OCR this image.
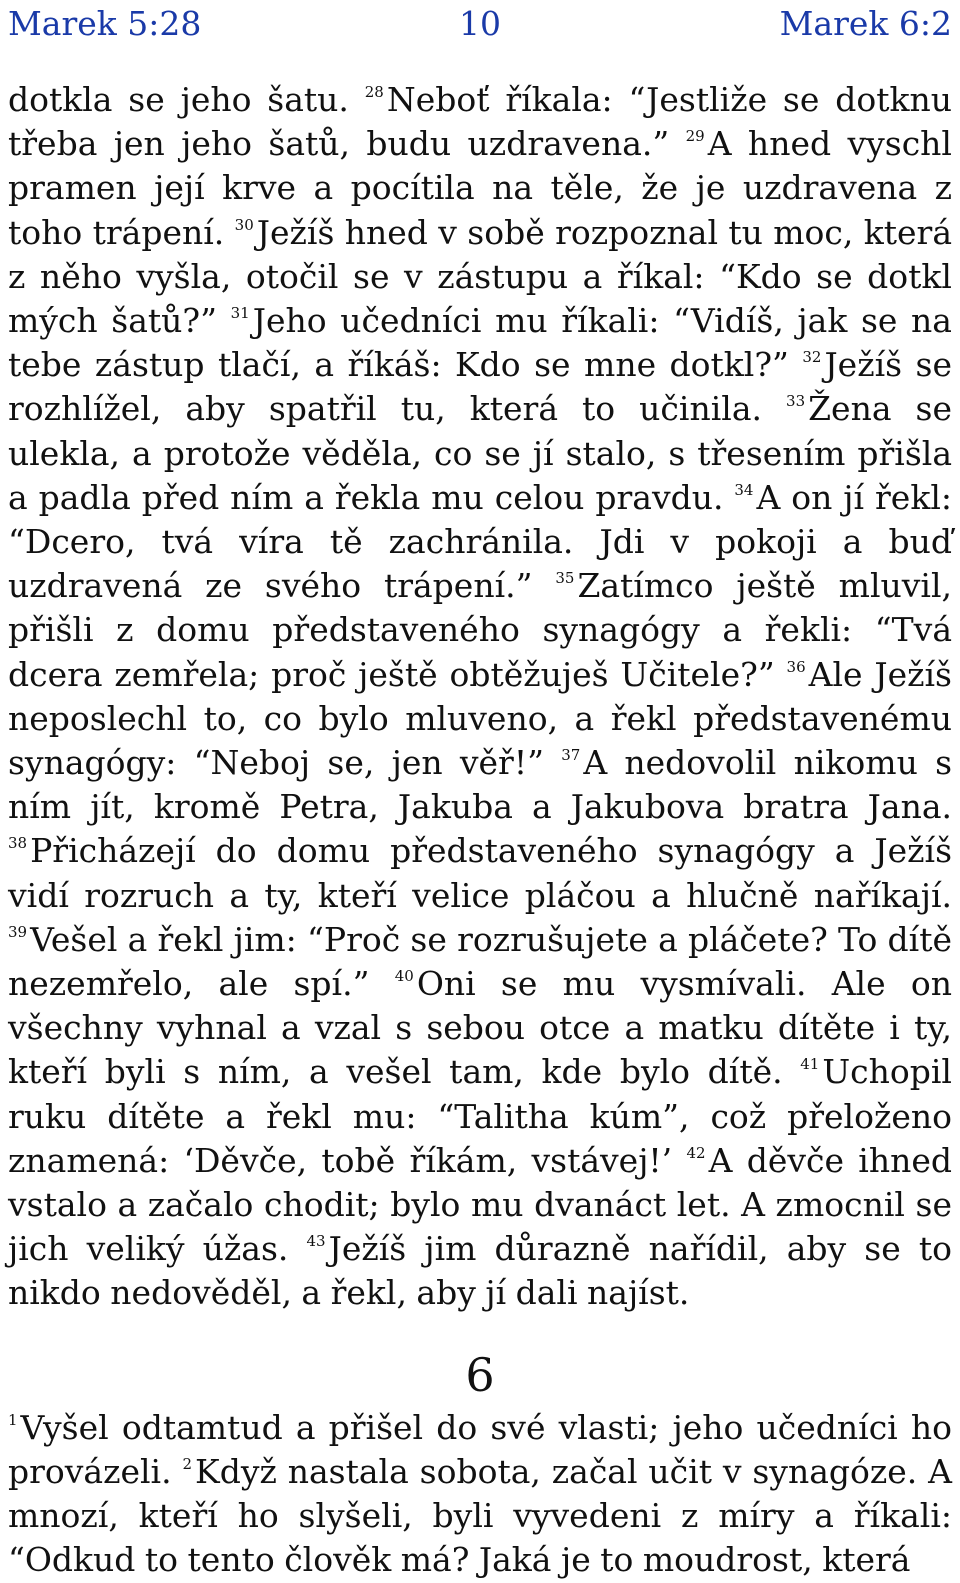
10
Marek 5:28	Marek 6:2

dotkla se jeho šatu. $^{28}$Neboť říkala: “Jestliže se dotknu třeba jen jeho šatů, budu uzdravena.” $^{29}$A hned vyschl pramen její krve a pocítila na těle, že je uzdravena z toho trápení. $^{30}$Ježíš hned v sobě rozpoznal tu moc, která z něho vyšla, otočil se v zástupu a říkal: “Kdo se dotkl mých šatů?” $^{31}$Jeho učedníci mu říkali: “Vidíš, jak se na tebe zástup tlačí, a říkáš: Kdo se mne dotkl?” $^{32}$Ježíš se rozhlížel, aby spatřil tu, která to učinila. $^{33}$Žena se ulekla, a protože věděla, co se jí stalo, s třesením přišla a padla před ním a řekla mu celou pravdu. $^{34}$A on jí řekl: “Dcero, tvá víra tě zachránila. Jdi v pokoji a buď uzdravená ze svého trápení.” $^{35}$Zatímco ještě mluvil, přišli z domu představeného synagógy a řekli: “Tvá dcera zemřela; proč ještě obtěžuješ Učitele?” $^{36}$Ale Ježíš neposlechl to, co bylo mluveno, a řekl představenému synagógy: “Neboj se, jen věř!” $^{37}$A nedovolil nikomu s ním jít, kromě Petra, Jakuba a Jakubova bratra Jana. $^{38}$Přicházejí do domu představeného synagógy a Ježíš vidí rozruch a ty, kteří velice pláčou a hlučně naříkají. $^{39}$Vešel a řekl jim: “Proč se rozrušujete a pláčete? To dítě nezemřelo, ale spí.” $^{40}$Oni se mu vysmívali. Ale on všechny vyhnal a vzal s sebou otce a matku dítěte i ty, kteří byli s ním, a vešel tam, kde bylo dítě. $^{41}$Uchopil ruku dítěte a řekl mu: “Talitha kúm”, což přeloženo znamená: ‘Děvče, tobě říkám, vstávej!’ $^{42}$A děvče ihned vstalo a začalo chodit; bylo mu dvanáct let. A zmocnil se jich veliký úžas. $^{43}$Ježíš jim důrazně nařídil, aby se to nikdo nedověděl, a řekl, aby jí dali najíst.

6

$^1$Vyšel odtamtud a přišel do své vlasti; jeho učedníci ho provázeli. $^2$Když nastala sobota, začal učit v synagóze. A mnozí, kteří ho slyšeli, byli vyvedeni z míry a říkali: “Odkud to tento člověk má? Jaká je to moudrost, která
